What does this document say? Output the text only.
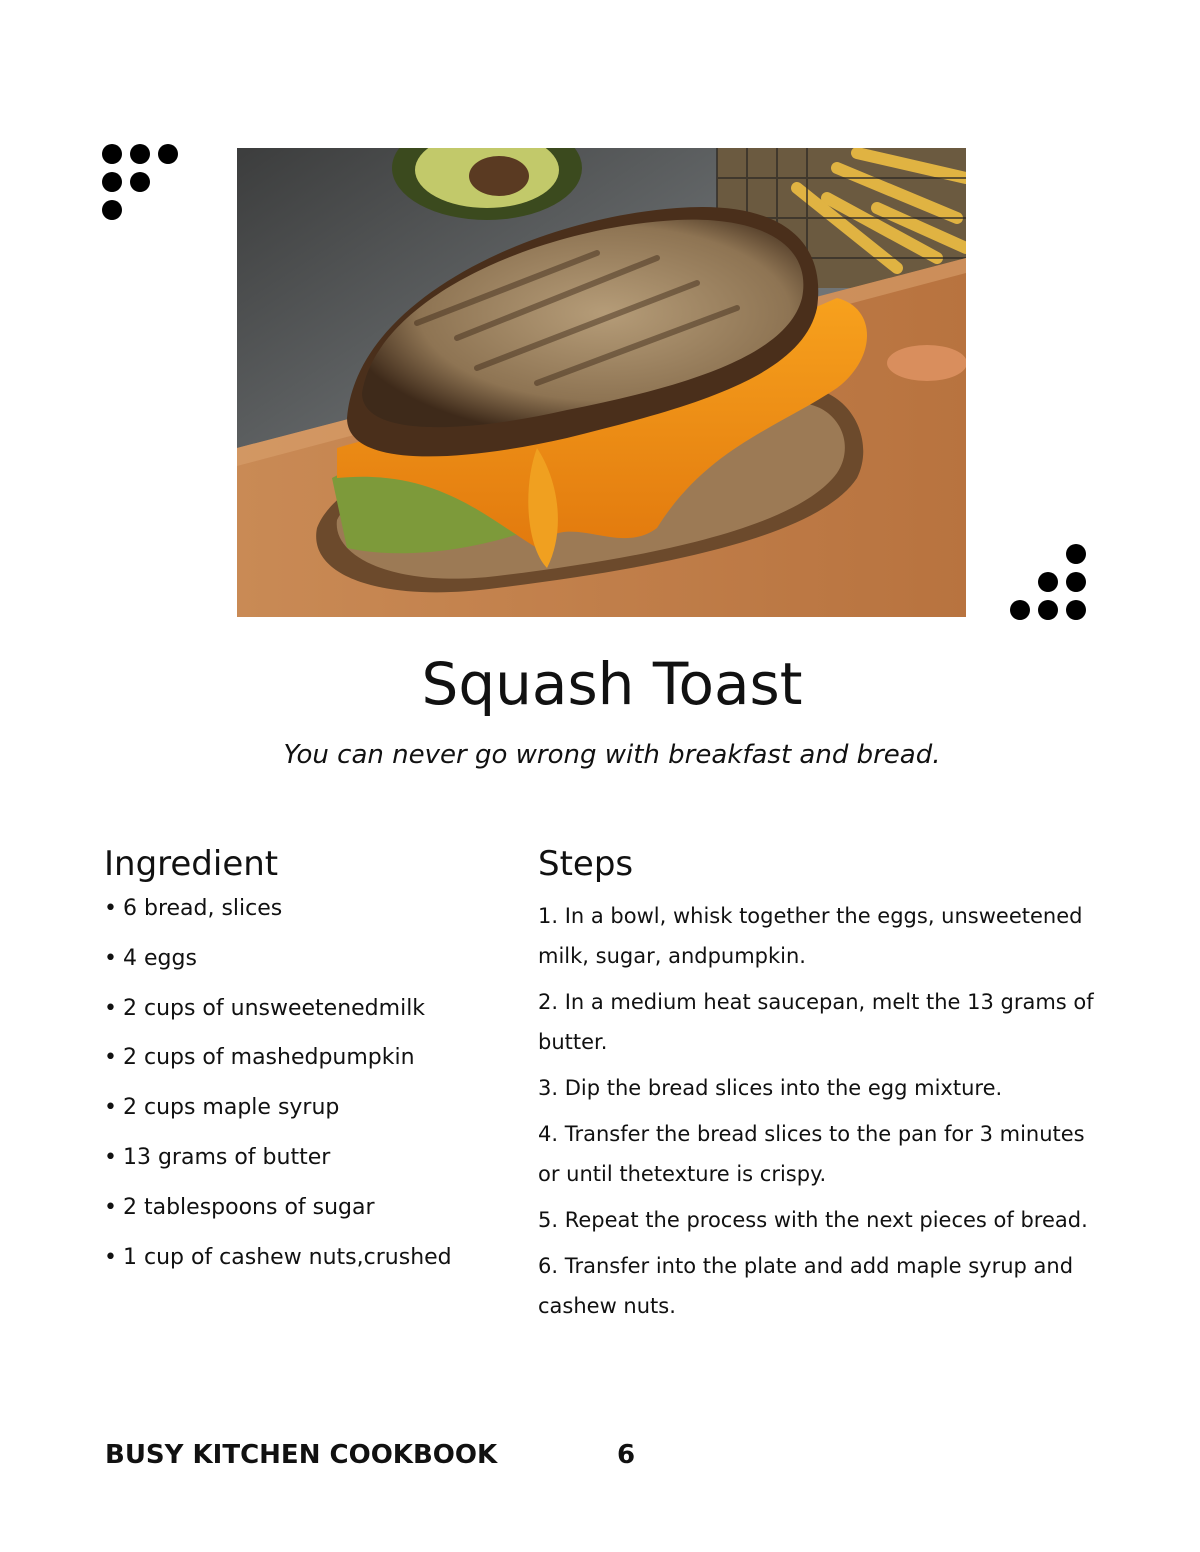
Squash Toast
You can never go wrong with breakfast and bread.
Ingredient
• 6 bread, slices
• 4 eggs
• 2 cups of unsweetenedmilk
• 2 cups of mashedpumpkin
• 2 cups maple syrup
• 13 grams of butter
• 2 tablespoons of sugar
• 1 cup of cashew nuts,crushed
Steps
1. In a bowl, whisk together the eggs, unsweetened milk, sugar, andpumpkin.
2. In a medium heat saucepan, melt the 13 grams of butter.
3. Dip the bread slices into the egg mixture.
4. Transfer the bread slices to the pan for 3 minutes or until thetexture is crispy.
5. Repeat the process with the next pieces of bread.
6. Transfer into the plate and add maple syrup and cashew nuts.
BUSY KITCHEN COOKBOOK	6
